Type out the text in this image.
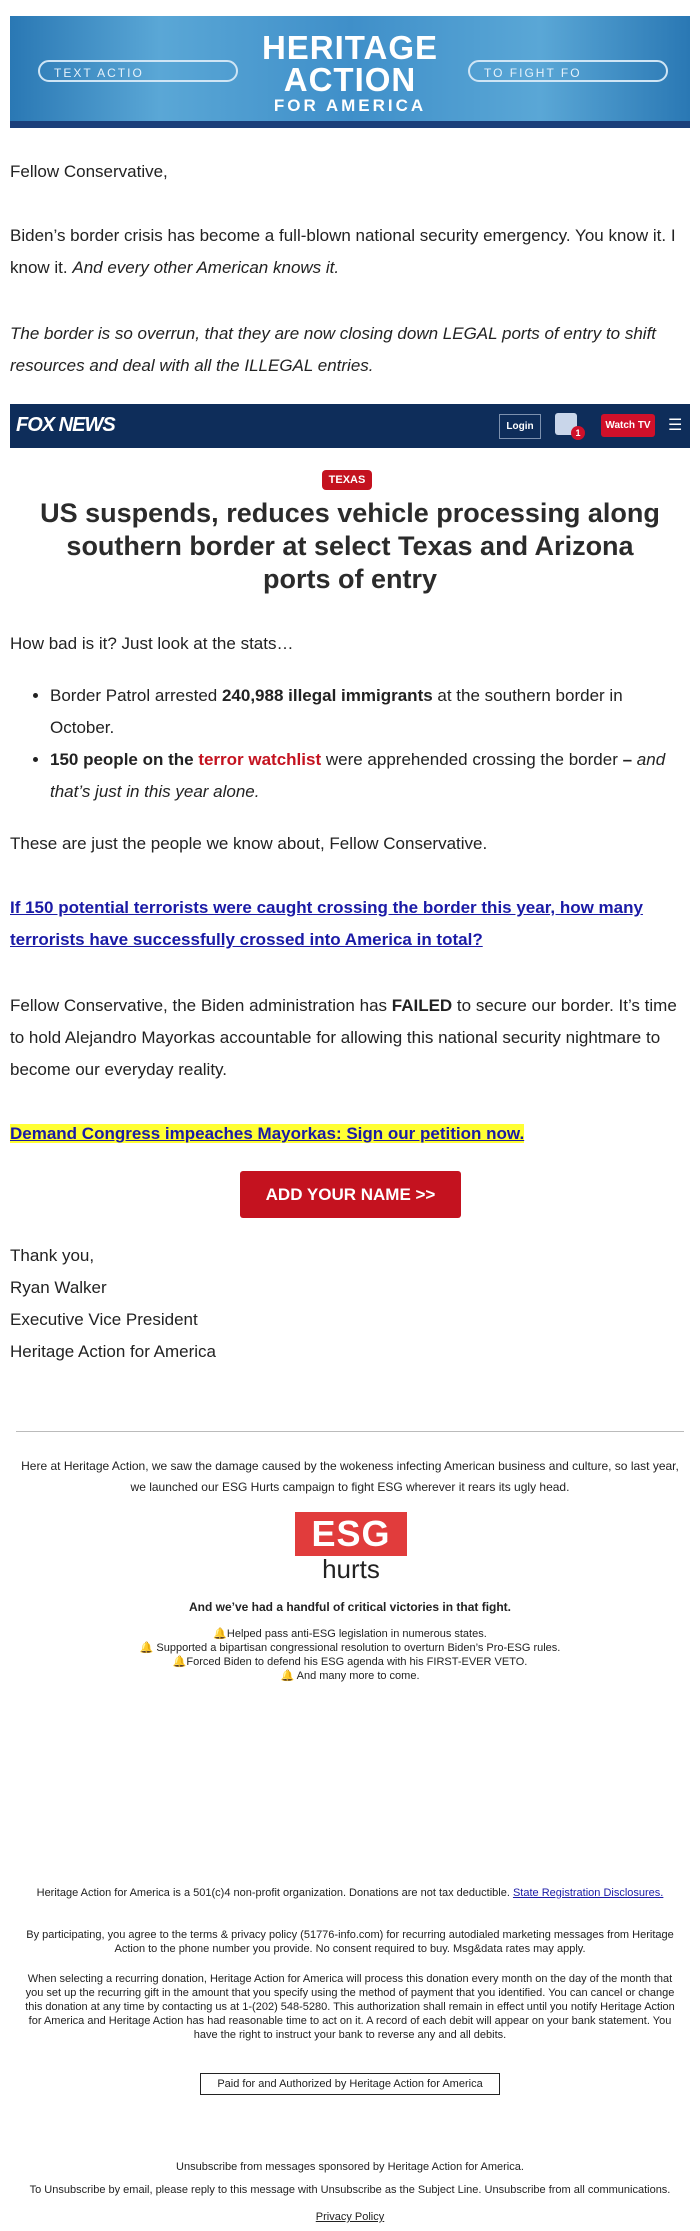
TEXT ACTIO	TO FIGHT FO
HERITAGE
ACTION
FOR AMERICA

Fellow Conservative,

Biden’s border crisis has become a full-blown national security emergency. You know it. I know it. And every other American knows it.

The border is so overrun, that they are now closing down LEGAL ports of entry to shift resources and deal with all the ILLEGAL entries.

FOX NEWS	Login
1
Watch TV ☰
TEXAS
US suspends, reduces vehicle processing along southern border at select Texas and Arizona ports of entry

How bad is it? Just look at the stats…

• Border Patrol arrested 240,988 illegal immigrants at the southern border in October.
• 150 people on the terror watchlist were apprehended crossing the border – and that’s just in this year alone.

These are just the people we know about, Fellow Conservative.

If 150 potential terrorists were caught crossing the border this year, how many terrorists have successfully crossed into America in total?

Fellow Conservative, the Biden administration has FAILED to secure our border. It’s time to hold Alejandro Mayorkas accountable for allowing this national security nightmare to become our everyday reality.

Demand Congress impeaches Mayorkas: Sign our petition now.

ADD YOUR NAME >>

Thank you,

Ryan Walker

Executive Vice President

Heritage Action for America

Here at Heritage Action, we saw the damage caused by the wokeness infecting American business and culture, so last year, we launched our ESG Hurts campaign to fight ESG wherever it rears its ugly head.
ESG
hurts
And we’ve had a handful of critical victories in that fight.
🔔Helped pass anti-ESG legislation in numerous states.
🔔 Supported a bipartisan congressional resolution to overturn Biden’s Pro-ESG rules.
🔔Forced Biden to defend his ESG agenda with his FIRST-EVER VETO.
🔔 And many more to come.
Heritage Action for America is a 501(c)4 non-profit organization. Donations are not tax deductible. State Registration Disclosures.
By participating, you agree to the terms & privacy policy (51776-info.com) for recurring autodialed marketing messages from Heritage Action to the phone number you provide. No consent required to buy. Msg&data rates may apply.
When selecting a recurring donation, Heritage Action for America will process this donation every month on the day of the month that you set up the recurring gift in the amount that you specify using the method of payment that you identified. You can cancel or change this donation at any time by contacting us at 1-(202) 548-5280. This authorization shall remain in effect until you notify Heritage Action for America and Heritage Action has had reasonable time to act on it. A record of each debit will appear on your bank statement. You have the right to instruct your bank to reverse any and all debits.
Paid for and Authorized by Heritage Action for America
Unsubscribe from messages sponsored by Heritage Action for America.
To Unsubscribe by email, please reply to this message with Unsubscribe as the Subject Line. Unsubscribe from all communications.
Privacy Policy
